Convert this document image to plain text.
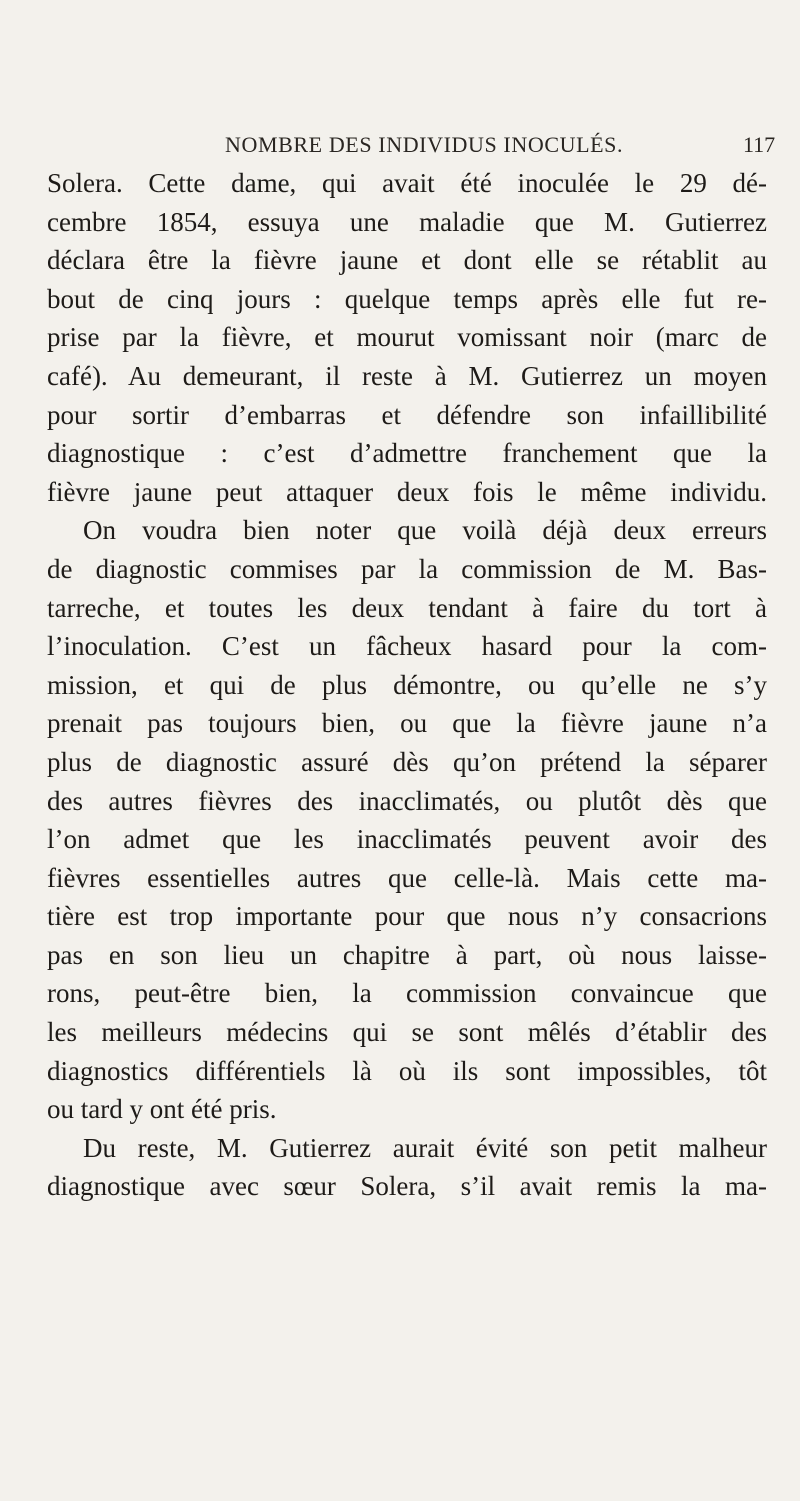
NOMBRE DES INDIVIDUS INOCULÉS.	117
Solera. Cette dame, qui avait été inoculée le 29 dé-
cembre 1854, essuya une maladie que M. Gutierrez
déclara être la fièvre jaune et dont elle se rétablit au
bout de cinq jours : quelque temps après elle fut re-
prise par la fièvre, et mourut vomissant noir (marc de
café). Au demeurant, il reste à M. Gutierrez un moyen
pour sortir d’embarras et défendre son infaillibilité
diagnostique : c’est d’admettre franchement que la
fièvre jaune peut attaquer deux fois le même individu.
On voudra bien noter que voilà déjà deux erreurs
de diagnostic commises par la commission de M. Bas-
tarreche, et toutes les deux tendant à faire du tort à
l’inoculation. C’est un fâcheux hasard pour la com-
mission, et qui de plus démontre, ou qu’elle ne s’y
prenait pas toujours bien, ou que la fièvre jaune n’a
plus de diagnostic assuré dès qu’on prétend la séparer
des autres fièvres des inacclimatés, ou plutôt dès que
l’on admet que les inacclimatés peuvent avoir des
fièvres essentielles autres que celle-là. Mais cette ma-
tière est trop importante pour que nous n’y consacrions
pas en son lieu un chapitre à part, où nous laisse-
rons, peut-être bien, la commission convaincue que
les meilleurs médecins qui se sont mêlés d’établir des
diagnostics différentiels là où ils sont impossibles, tôt
ou tard y ont été pris.
Du reste, M. Gutierrez aurait évité son petit malheur
diagnostique avec sœur Solera, s’il avait remis la ma-
